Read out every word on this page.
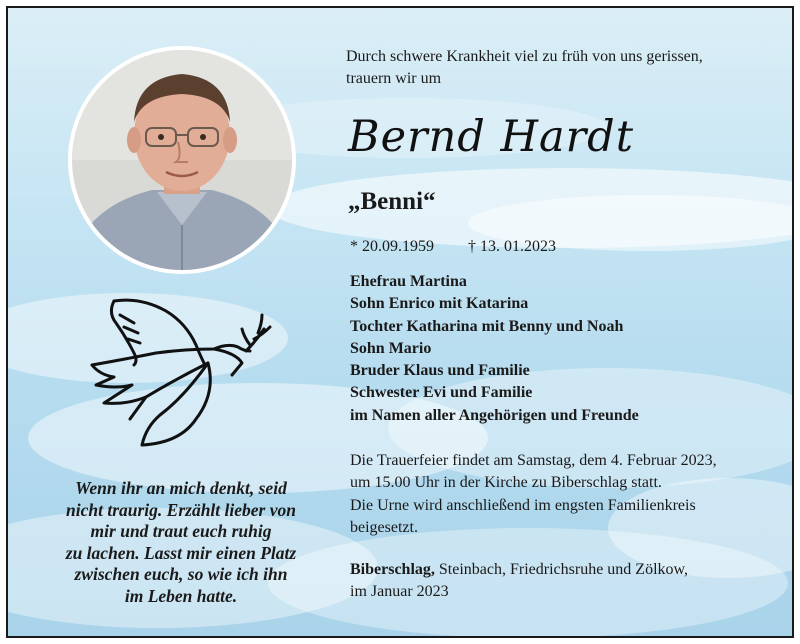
Wenn ihr an mich denkt, seid
nicht traurig. Erzählt lieber von
mir und traut euch ruhig
zu lachen. Lasst mir einen Platz
zwischen euch, so wie ich ihn
im Leben hatte.
Durch schwere Krankheit viel zu früh von uns gerissen,
trauern wir um
Bernd Hardt
„Benni“
* 20.09.1959 † 13. 01.2023
Ehefrau Martina
Sohn Enrico mit Katarina
Tochter Katharina mit Benny und Noah
Sohn Mario
Bruder Klaus und Familie
Schwester Evi und Familie
im Namen aller Angehörigen und Freunde
Die Trauerfeier findet am Samstag, dem 4. Februar 2023,
um 15.00 Uhr in der Kirche zu Biberschlag statt.
Die Urne wird anschließend im engsten Familienkreis
beigesetzt.
Biberschlag, Steinbach, Friedrichsruhe und Zölkow,
im Januar 2023
